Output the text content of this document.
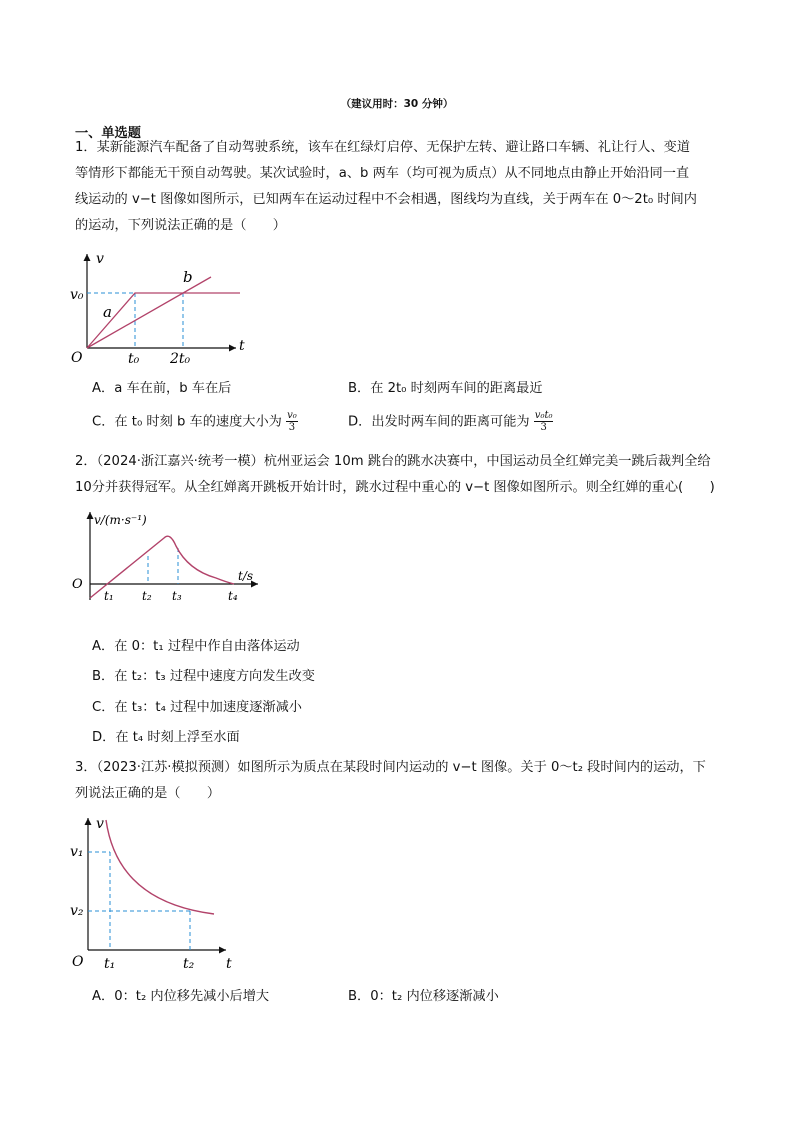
（建议用时：30 分钟）
一、单选题

1．某新能源汽车配备了自动驾驶系统，该车在红绿灯启停、无保护左转、避让路口车辆、礼让行人、变道

等情形下都能无干预自动驾驶。某次试验时，a、b 两车（均可视为质点）从不同地点由静止开始沿同一直

线运动的 v−t 图像如图所示，已知两车在运动过程中不会相遇，图线均为直线，关于两车在 0～2t₀ 时间内

的运动，下列说法正确的是（　　）

v
t
O
v₀
t₀ 2t₀
a
b
A．a 车在前，b 车在后	B．在 2t₀ 时刻两车间的距离最近
C．在 t₀ 时刻 b 车的速度大小为 $\frac{\text{v₀}}{3}$	D．出发时两车间的距离可能为 $\frac{\text{v₀t₀}}{3}$

2．（2024·浙江嘉兴·统考一模）杭州亚运会 10m 跳台的跳水决赛中，中国运动员全红婵完美一跳后裁判全给

10分并获得冠军。从全红婵离开跳板开始计时，跳水过程中重心的 v−t 图像如图所示。则全红婵的重心(　　)

v/(m·s⁻¹)
t/s
O
t₁ t₂ t₃	t₄
A．在 0：t₁ 过程中作自由落体运动
B．在 t₂：t₃ 过程中速度方向发生改变
C．在 t₃：t₄ 过程中加速度逐渐减小
D．在 t₄ 时刻上浮至水面

3．（2023·江苏·模拟预测）如图所示为质点在某段时间内运动的 v−t 图像。关于 0～t₂ 段时间内的运动，下

列说法正确的是（　　）

v
t
O
v₁
v₂
t₁	t₂
A．0：t₂ 内位移先减小后增大	B．0：t₂ 内位移逐渐减小
